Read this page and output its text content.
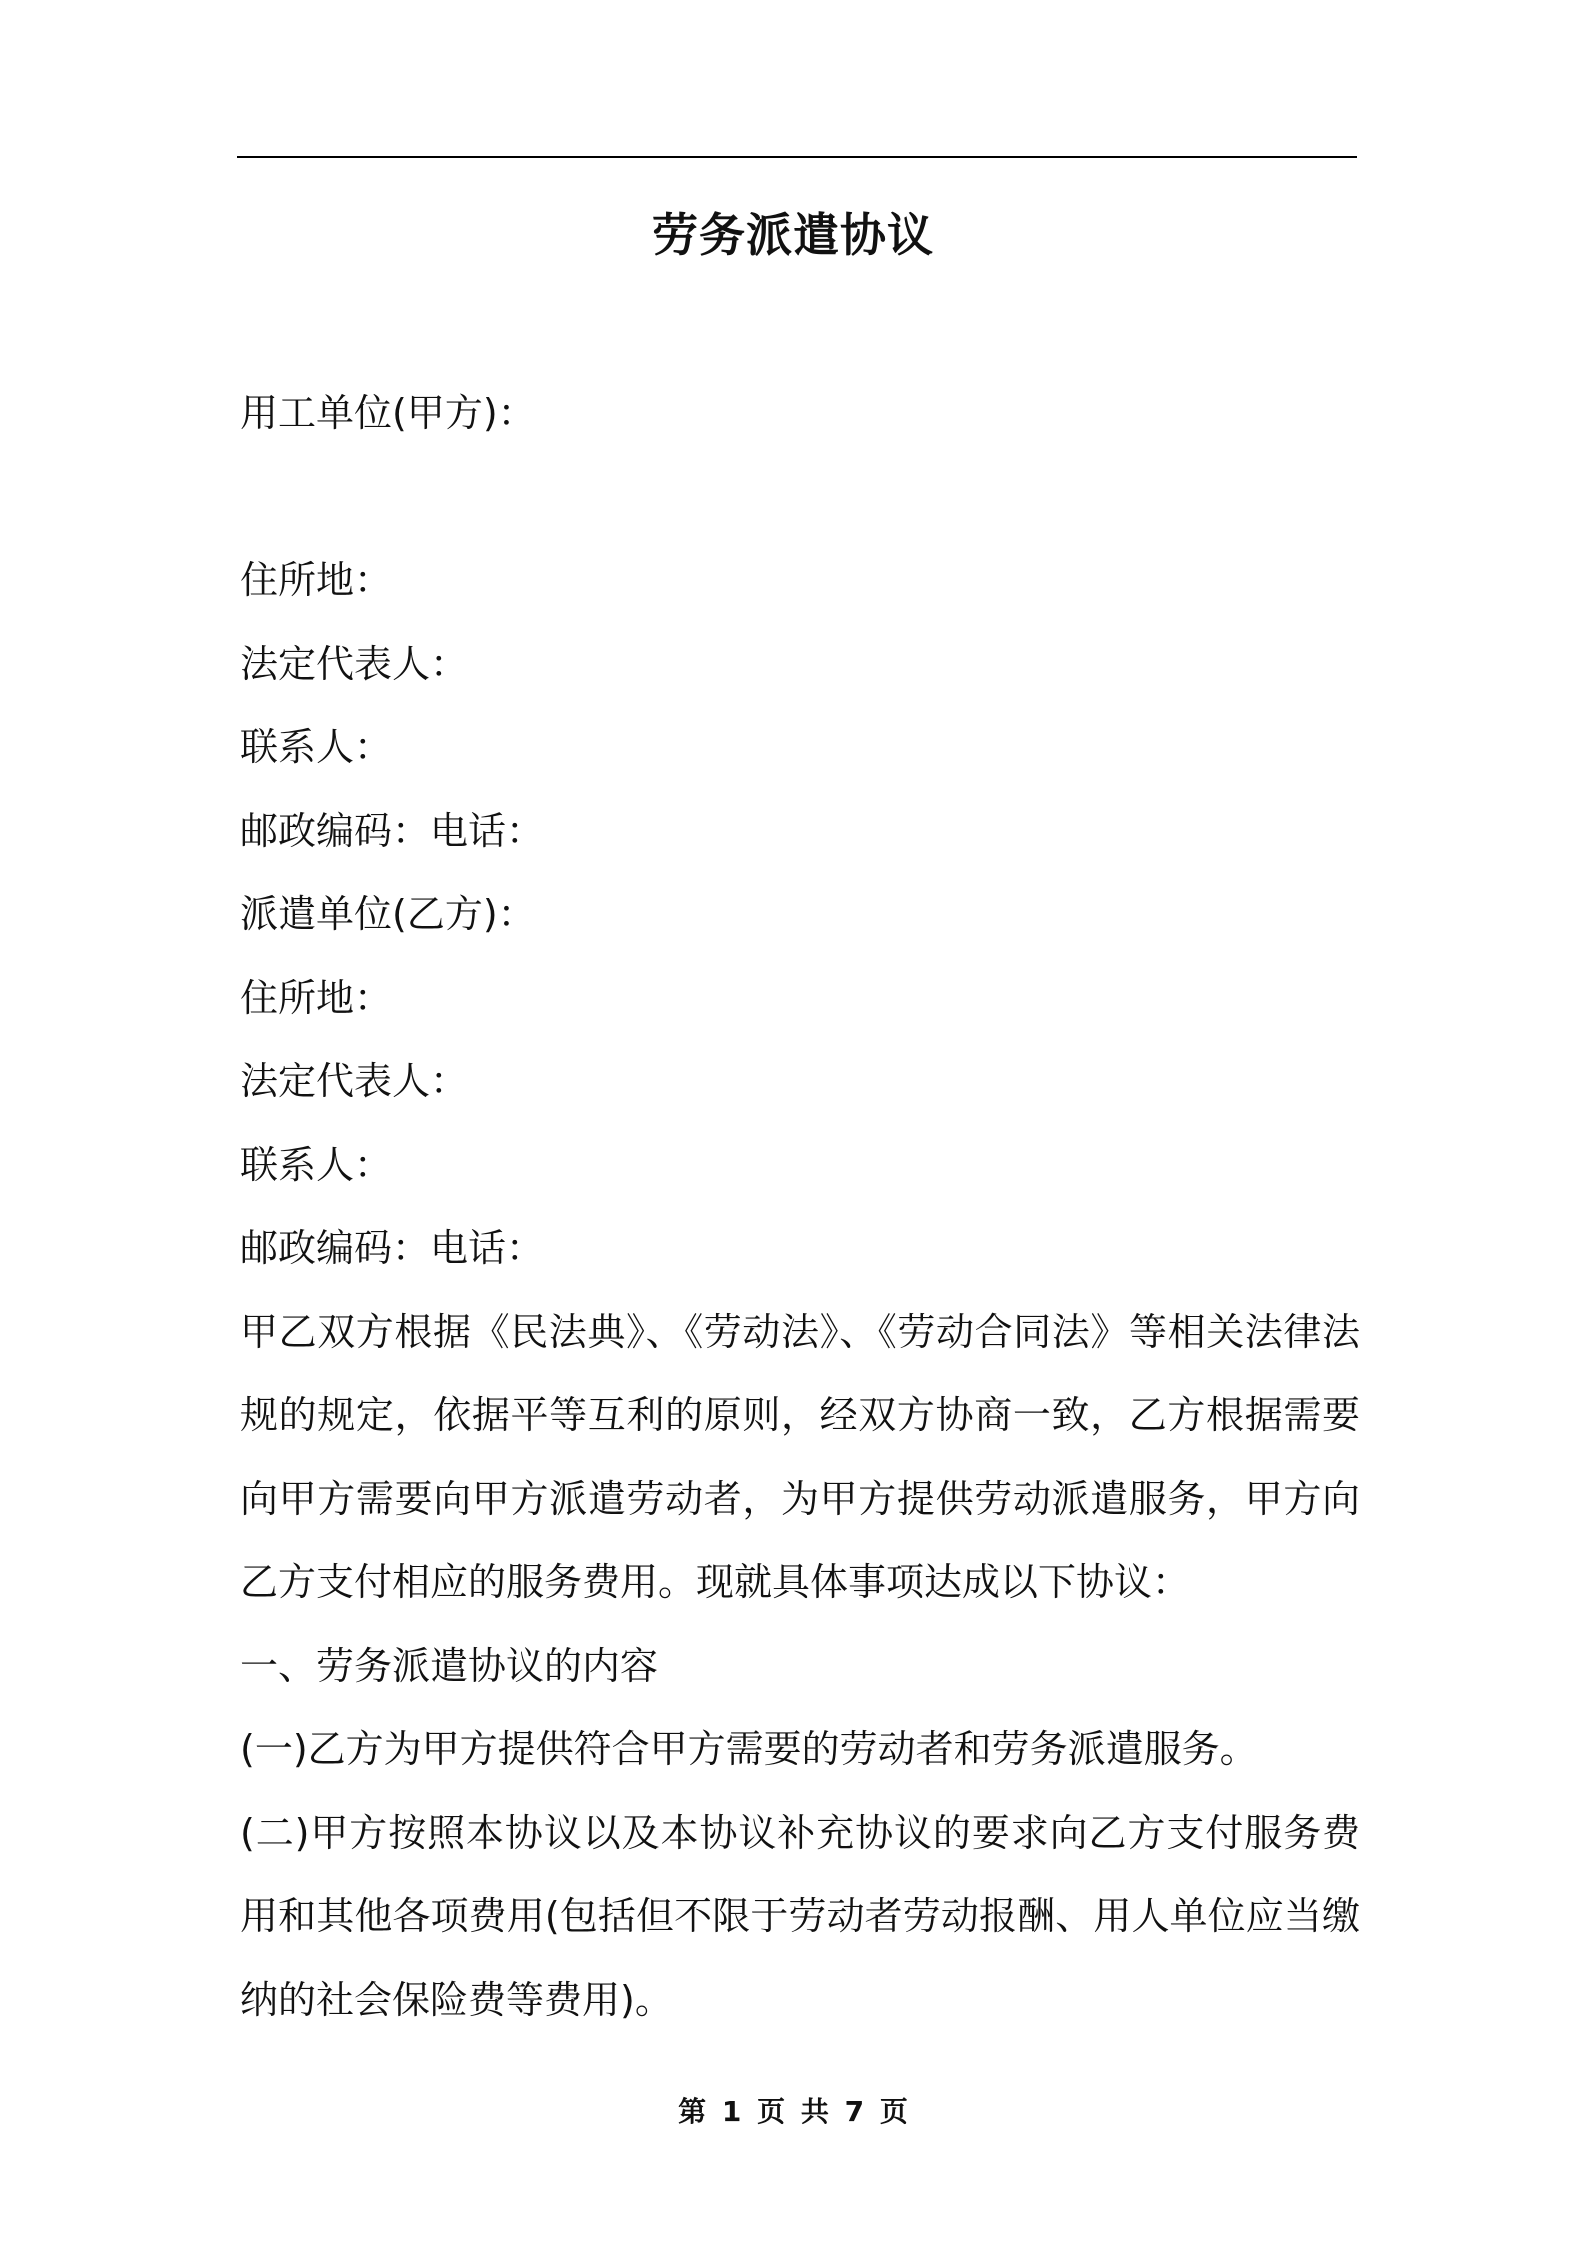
劳务派遣协议
用工单位(甲方)：
住所地：
法定代表人：
联系人：
邮政编码：电话：
派遣单位(乙方)：
住所地：
法定代表人：
联系人：
邮政编码：电话：
甲乙双方根据《民法典》、《劳动法》、《劳动合同法》等相关法律法规的规定，依据平等互利的原则，经双方协商一致，乙方根据需要向甲方需要向甲方派遣劳动者，为甲方提供劳动派遣服务，甲方向乙方支付相应的服务费用。现就具体事项达成以下协议：
一、劳务派遣协议的内容
(一)乙方为甲方提供符合甲方需要的劳动者和劳务派遣服务。
(二)甲方按照本协议以及本协议补充协议的要求向乙方支付服务费用和其他各项费用(包括但不限于劳动者劳动报酬、用人单位应当缴纳的社会保险费等费用)。
第 1 页 共 7 页
